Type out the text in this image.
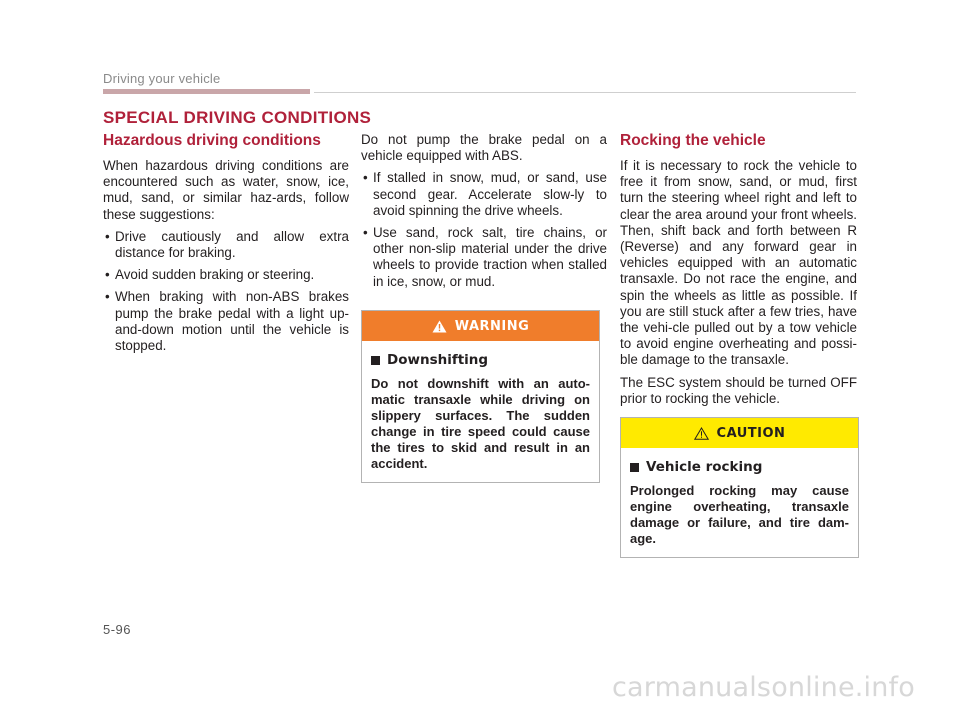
Driving your vehicle
SPECIAL DRIVING CONDITIONS
Hazardous driving conditions

When hazardous driving conditions are encountered such as water, snow, ice, mud, sand, or similar haz-ards, follow these suggestions:

• Drive cautiously and allow extra distance for braking.
• Avoid sudden braking or steering.
• When braking with non-ABS brakes pump the brake pedal with a light up-and-down motion until the vehicle is stopped.

Do not pump the brake pedal on a vehicle equipped with ABS.

• If stalled in snow, mud, or sand, use second gear. Accelerate slow-ly to avoid spinning the drive wheels.
• Use sand, rock salt, tire chains, or other non-slip material under the drive wheels to provide traction when stalled in ice, snow, or mud.
WARNING
Downshifting

Do not downshift with an auto-matic transaxle while driving on slippery surfaces. The sudden change in tire speed could cause the tires to skid and result in an accident.

Rocking the vehicle

If it is necessary to rock the vehicle to free it from snow, sand, or mud, first turn the steering wheel right and left to clear the area around your front wheels. Then, shift back and forth between R (Reverse) and any forward gear in vehicles equipped with an automatic transaxle. Do not race the engine, and spin the wheels as little as possible. If you are still stuck after a few tries, have the vehi-cle pulled out by a tow vehicle to avoid engine overheating and possi-ble damage to the transaxle.

The ESC system should be turned OFF prior to rocking the vehicle.

CAUTION
Vehicle rocking

Prolonged rocking may cause engine overheating, transaxle damage or failure, and tire dam-age.

5-96
carmanualsonline.info
